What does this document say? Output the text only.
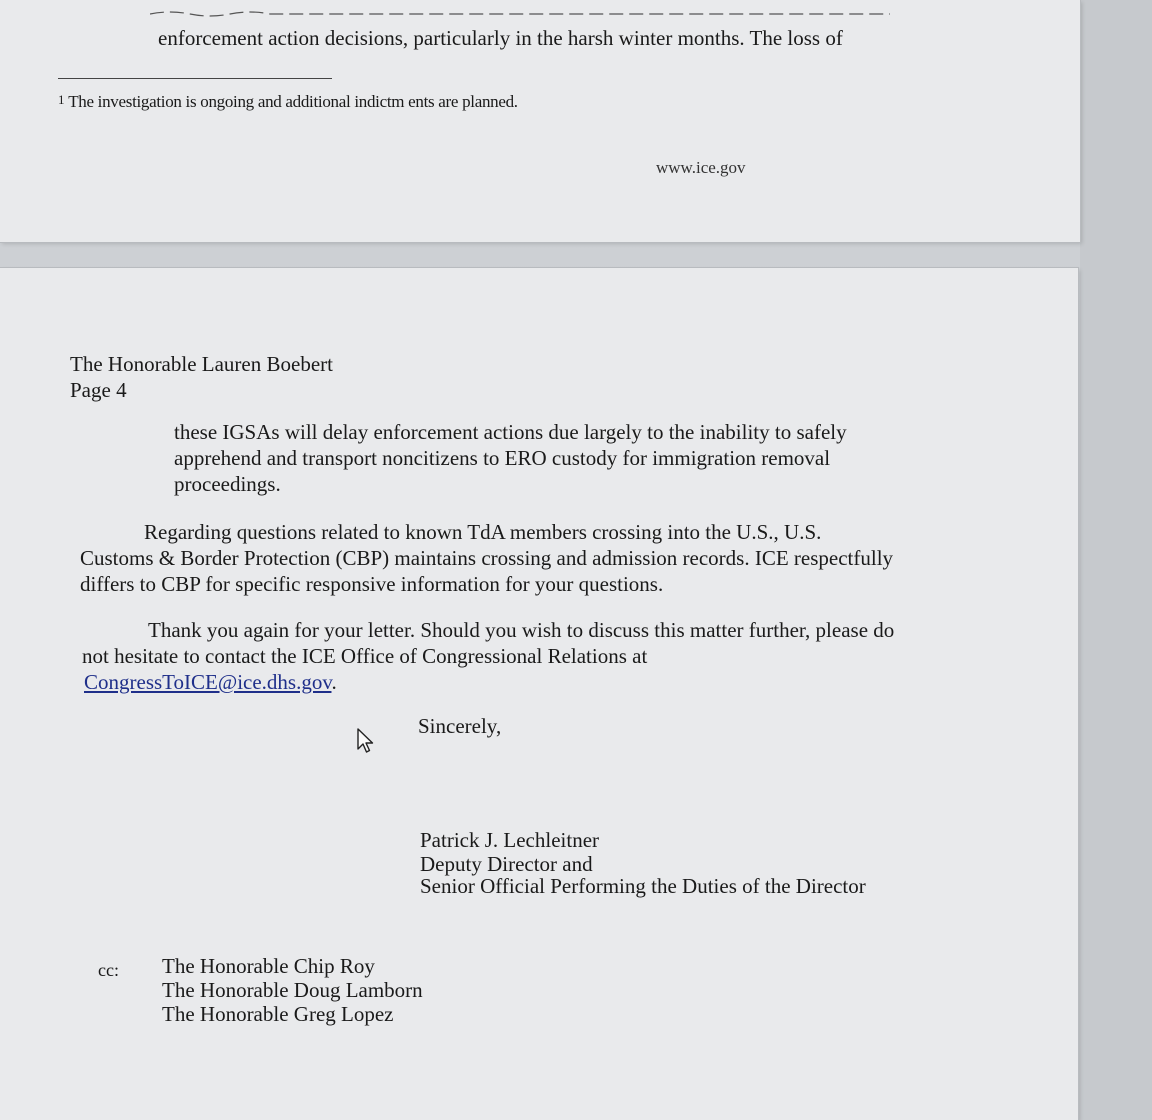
enforcement action decisions, particularly in the harsh winter months. The loss of
$^1$ The investigation is ongoing and additional indictm ents are planned.
www.ice.gov
The Honorable Lauren Boebert
Page 4
these IGSAs will delay enforcement actions due largely to the inability to safely
apprehend and transport noncitizens to ERO custody for immigration removal
proceedings.
Regarding questions related to known TdA members crossing into the U.S., U.S.
Customs & Border Protection (CBP) maintains crossing and admission records. ICE respectfully
differs to CBP for specific responsive information for your questions.
Thank you again for your letter. Should you wish to discuss this matter further, please do
not hesitate to contact the ICE Office of Congressional Relations at
CongressToICE@ice.dhs.gov.
Sincerely,
Patrick J. Lechleitner
Deputy Director and
Senior Official Performing the Duties of the Director
cc: The Honorable Chip Roy
The Honorable Doug Lamborn
The Honorable Greg Lopez
